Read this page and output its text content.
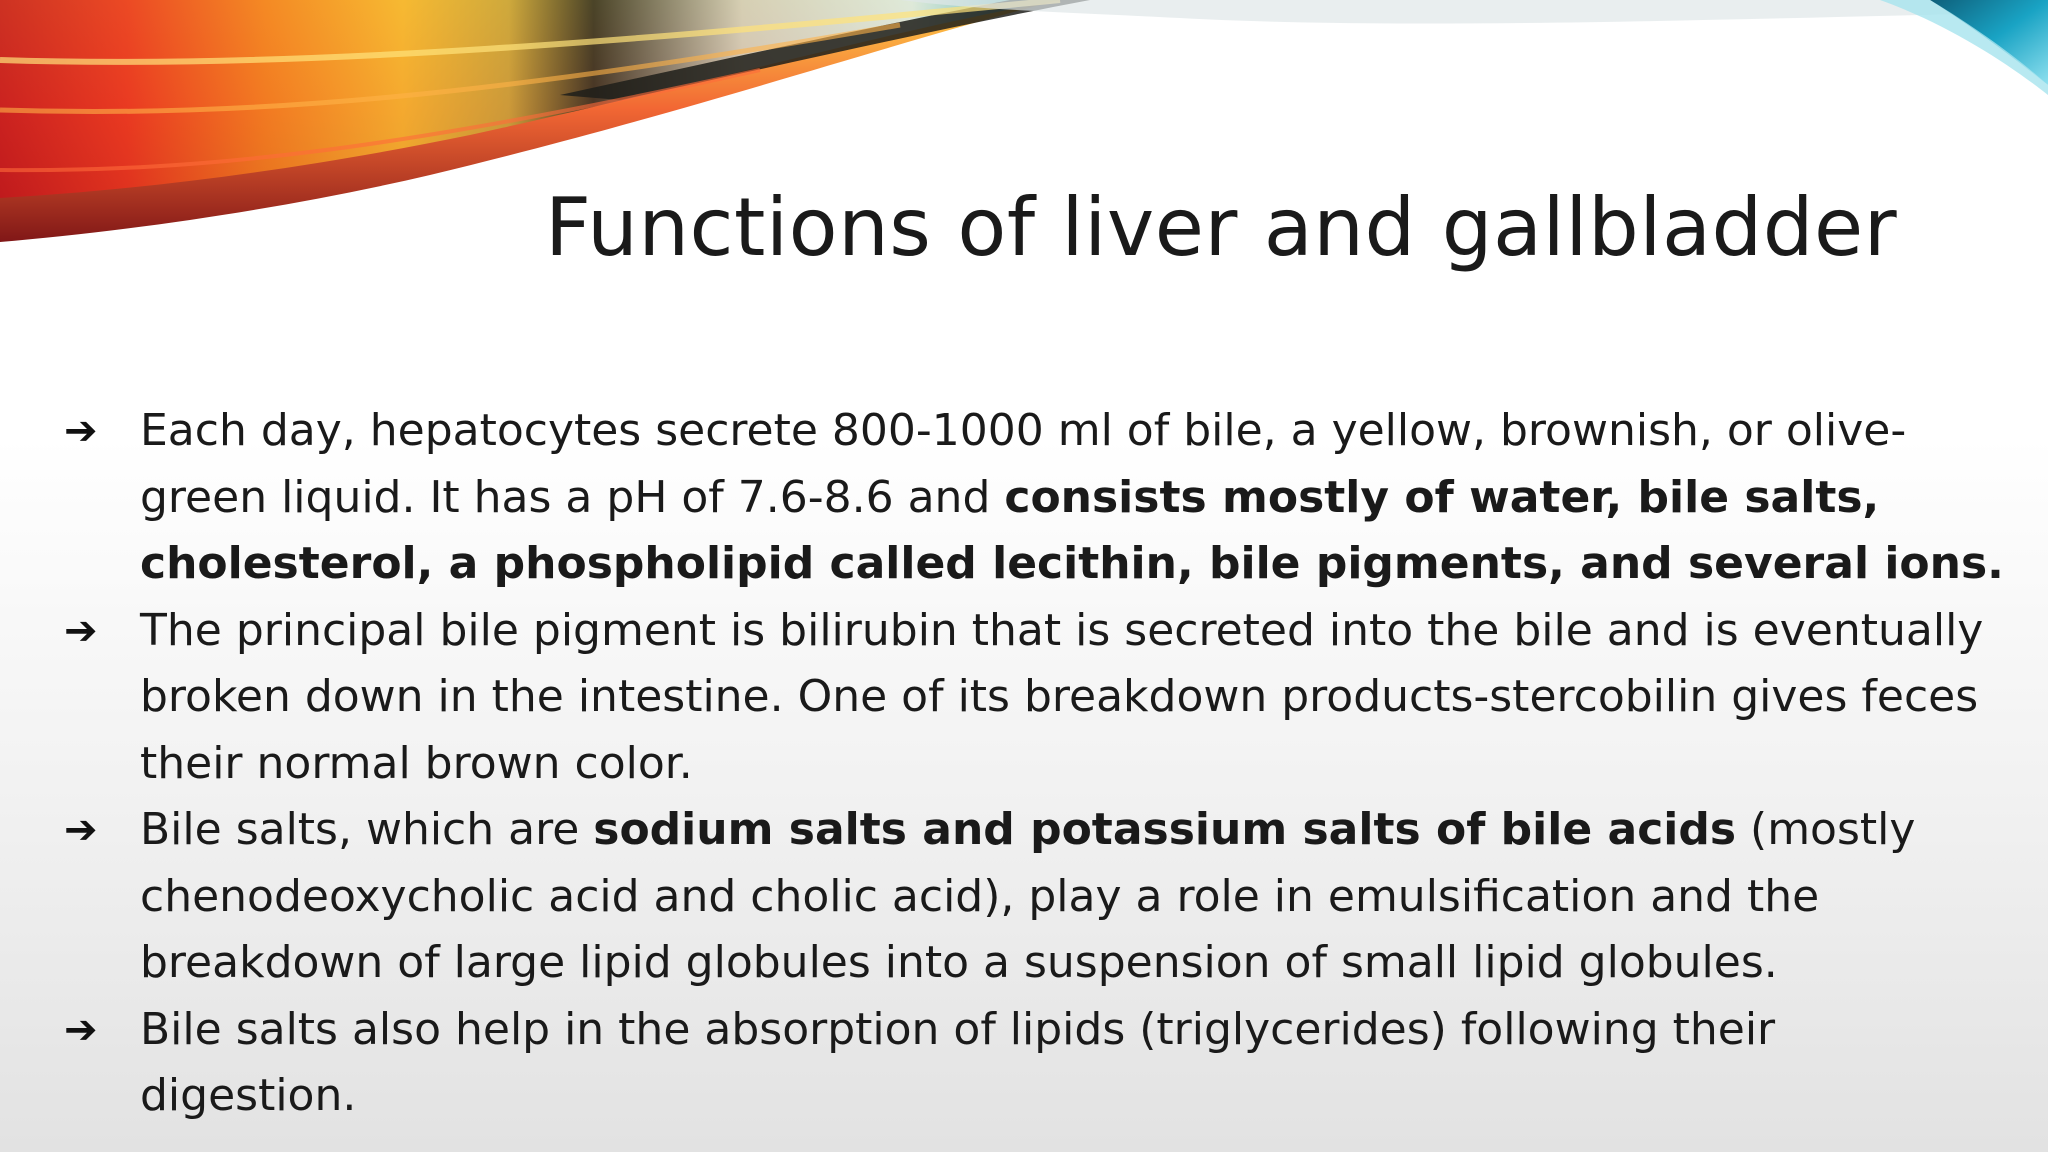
Functions of liver and gallbladder
➔ Each day, hepatocytes secrete 800-1000 ml of bile, a yellow, brownish, or olive-green liquid. It has a pH of 7.6-8.6 and consists mostly of water, bile salts, cholesterol, a phospholipid called lecithin, bile pigments, and several ions.
➔ The principal bile pigment is bilirubin that is secreted into the bile and is eventually broken down in the intestine. One of its breakdown products-stercobilin gives feces their normal brown color.
➔ Bile salts, which are sodium salts and potassium salts of bile acids (mostly chenodeoxycholic acid and cholic acid), play a role in emulsification and the breakdown of large lipid globules into a suspension of small lipid globules.
➔ Bile salts also help in the absorption of lipids (triglycerides) following their digestion.
